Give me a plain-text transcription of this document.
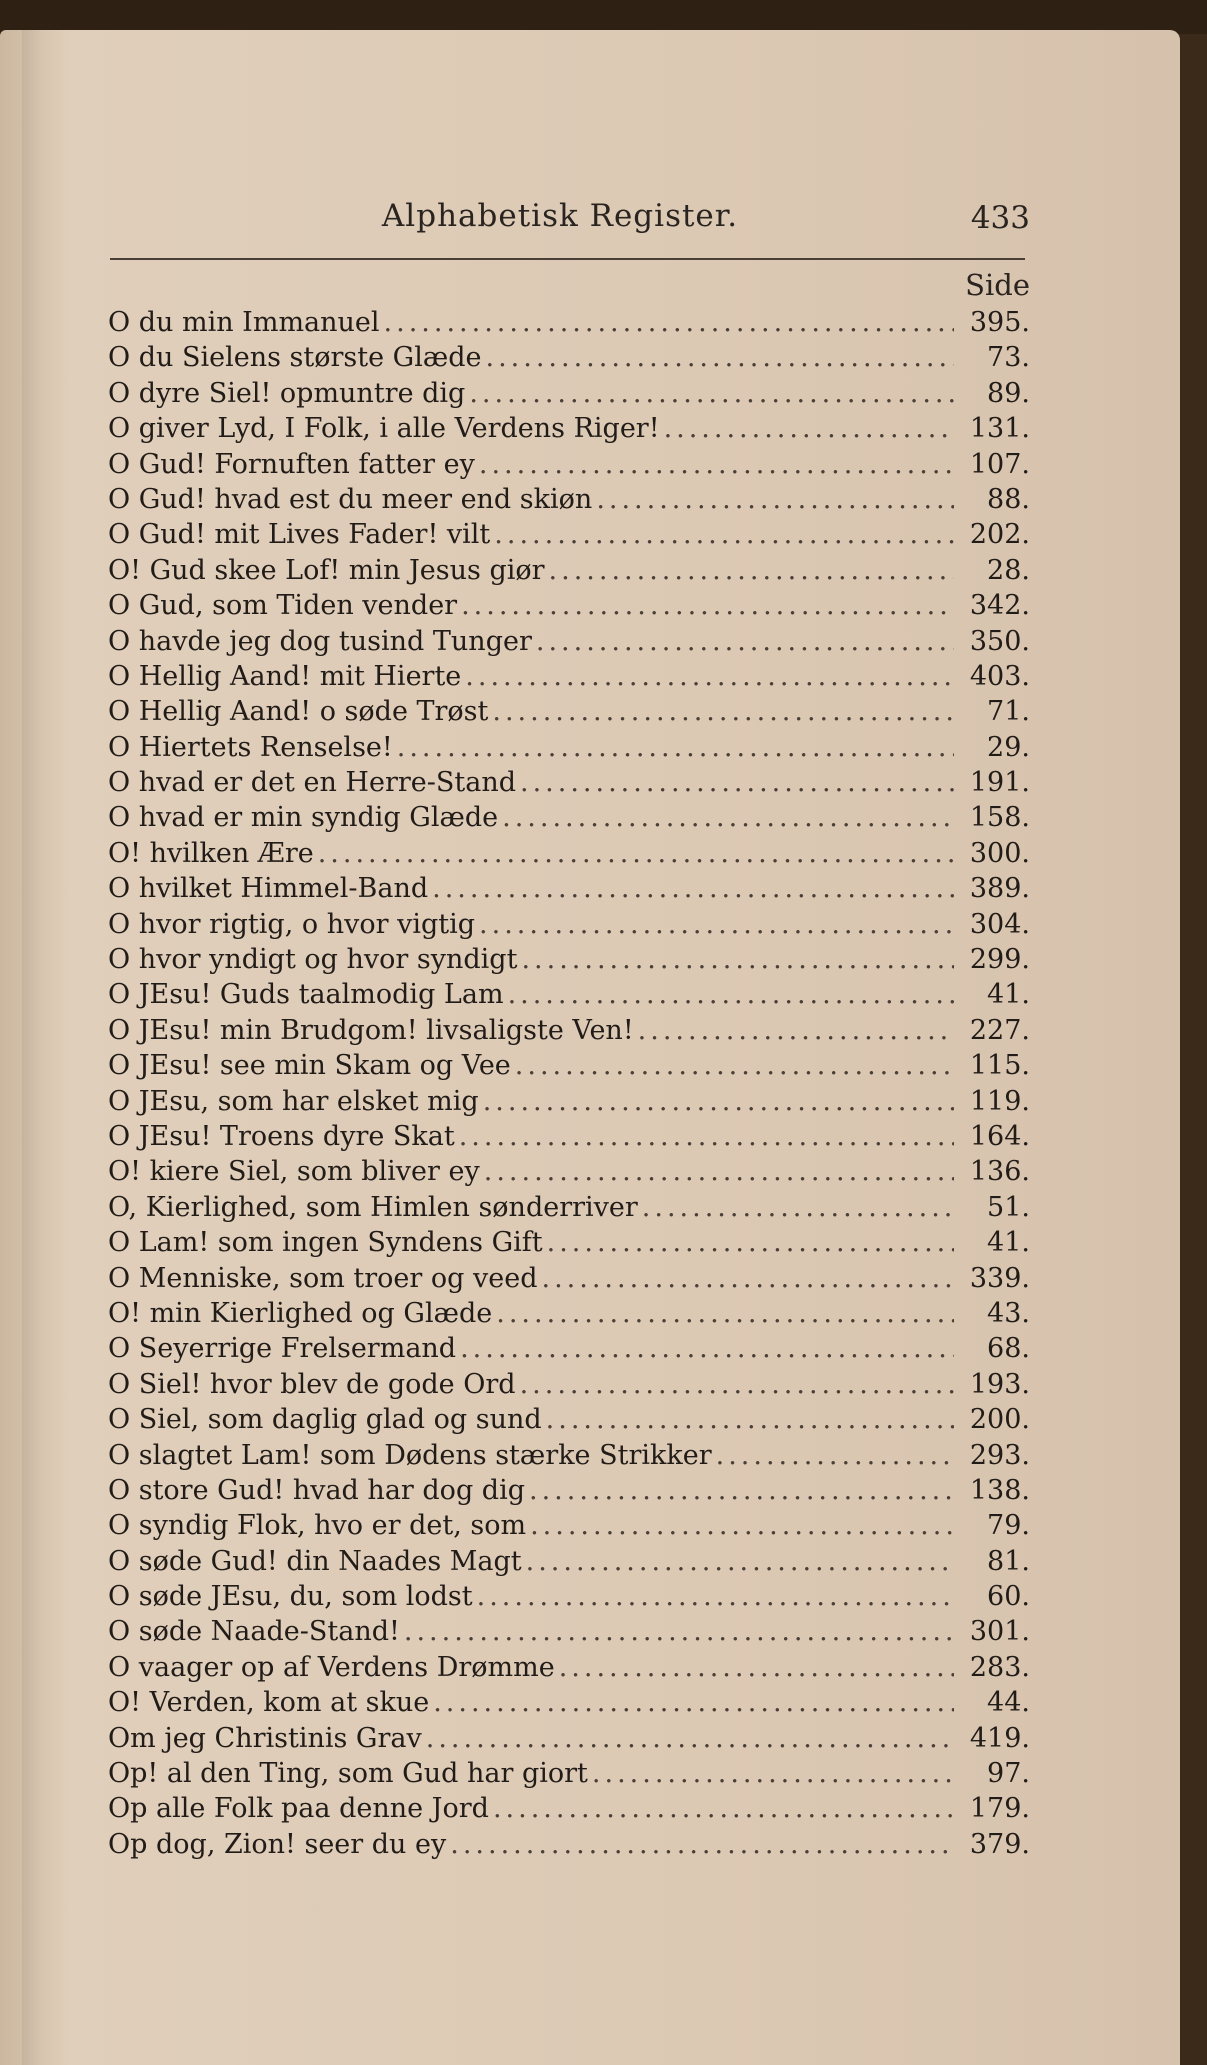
Alphabetisk Register.	433
Side
O du min Immanuel .....	395.
O du Sielens største Glæde .....	73.
O dyre Siel! opmuntre dig .....	89.
O giver Lyd, I Folk, i alle Verdens Riger! .....	131.
O Gud! Fornuften fatter ey .....	107.
O Gud! hvad est du meer end skiøn .....	88.
O Gud! mit Lives Fader! vilt .....	202.
O! Gud skee Lof! min Jesus giør .....	28.
O Gud, som Tiden vender .....	342.
O havde jeg dog tusind Tunger .....	350.
O Hellig Aand! mit Hierte .....	403.
O Hellig Aand! o søde Trøst .....	71.
O Hiertets Renselse! .....	29.
O hvad er det en Herre-Stand .....	191.
O hvad er min syndig Glæde .....	158.
O! hvilken Ære .....	300.
O hvilket Himmel-Band .....	389.
O hvor rigtig, o hvor vigtig .....	304.
O hvor yndigt og hvor syndigt .....	299.
O JEsu! Guds taalmodig Lam .....	41.
O JEsu! min Brudgom! livsaligste Ven! .....	227.
O JEsu! see min Skam og Vee .....	115.
O JEsu, som har elsket mig .....	119.
O JEsu! Troens dyre Skat .....	164.
O! kiere Siel, som bliver ey .....	136.
O, Kierlighed, som Himlen sønderriver .....	51.
O Lam! som ingen Syndens Gift .....	41.
O Menniske, som troer og veed .....	339.
O! min Kierlighed og Glæde .....	43.
O Seyerrige Frelsermand .....	68.
O Siel! hvor blev de gode Ord .....	193.
O Siel, som daglig glad og sund .....	200.
O slagtet Lam! som Dødens stærke Strikker .....	293.
O store Gud! hvad har dog dig .....	138.
O syndig Flok, hvo er det, som .....	79.
O søde Gud! din Naades Magt .....	81.
O søde JEsu, du, som lodst .....	60.
O søde Naade-Stand! .....	301.
O vaager op af Verdens Drømme .....	283.
O! Verden, kom at skue .....	44.
Om jeg Christinis Grav .....	419.
Op! al den Ting, som Gud har giort .....	97.
Op alle Folk paa denne Jord .....	179.
Op dog, Zion! seer du ey .....	379.
